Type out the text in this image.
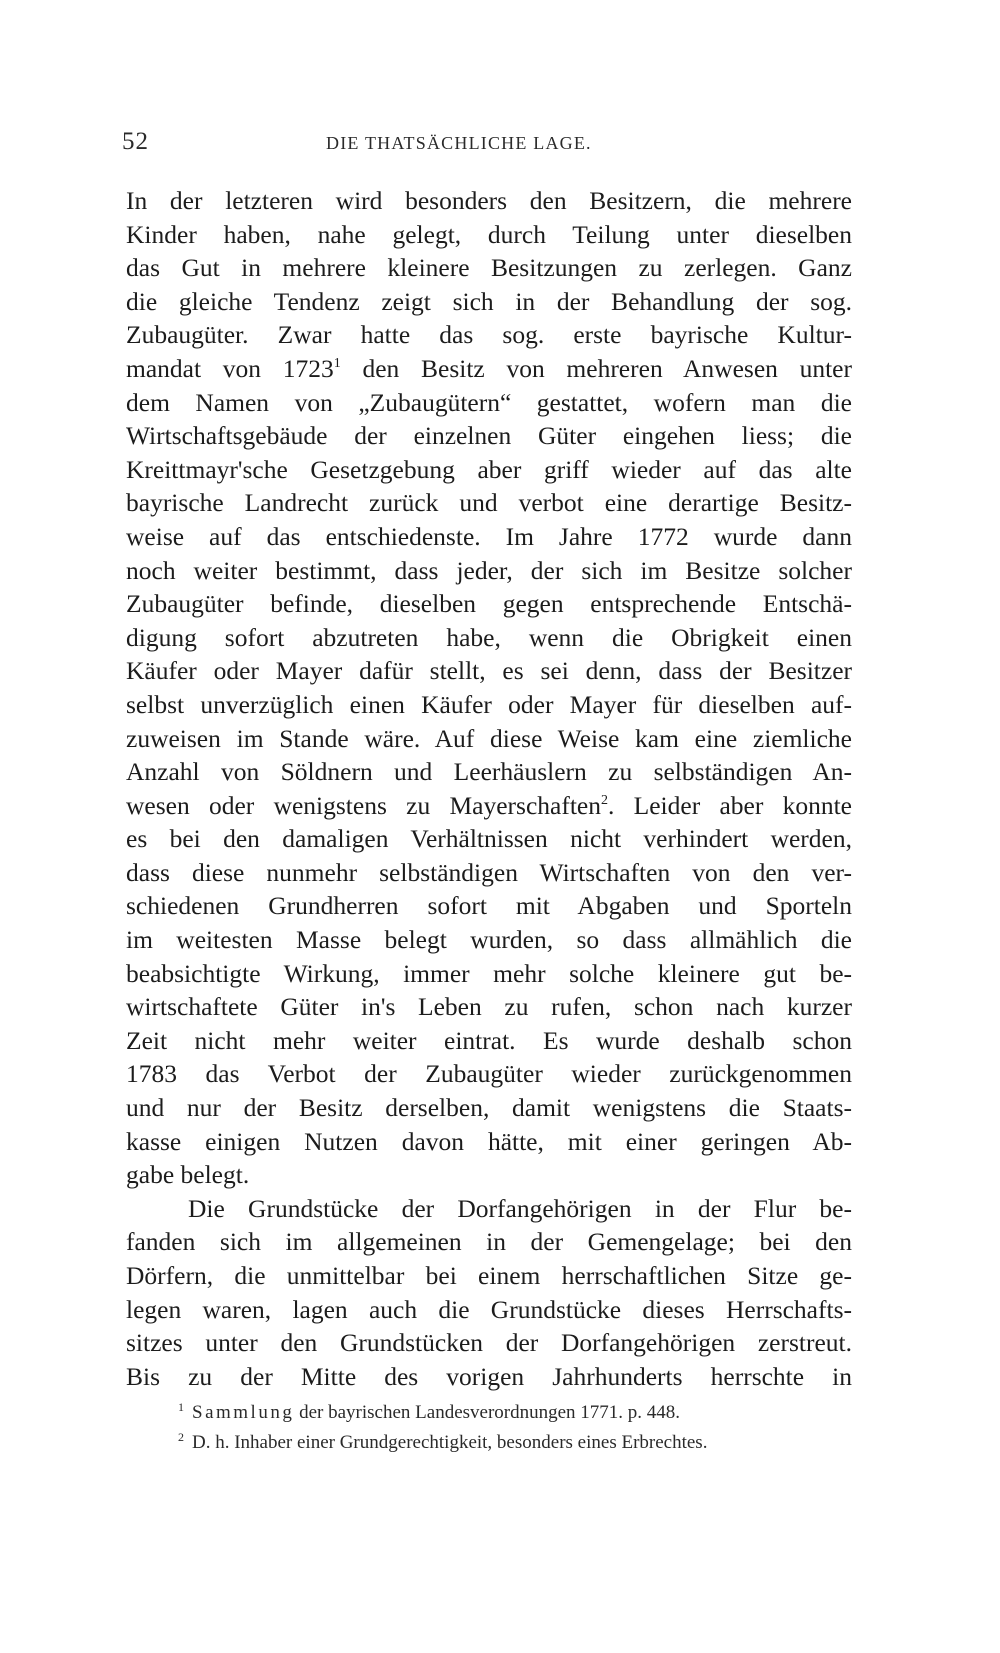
52	DIE THATSÄCHLICHE LAGE.
In der letzteren wird besonders den Besitzern, die mehrere
Kinder haben, nahe gelegt, durch Teilung unter dieselben
das Gut in mehrere kleinere Besitzungen zu zerlegen. Ganz
die gleiche Tendenz zeigt sich in der Behandlung der sog.
Zubaugüter. Zwar hatte das sog. erste bayrische Kultur-
mandat von 1723$^1$ den Besitz von mehreren Anwesen unter
dem Namen von „Zubaugütern“ gestattet, wofern man die
Wirtschaftsgebäude der einzelnen Güter eingehen liess; die
Kreittmayr'sche Gesetzgebung aber griff wieder auf das alte
bayrische Landrecht zurück und verbot eine derartige Besitz-
weise auf das entschiedenste. Im Jahre 1772 wurde dann
noch weiter bestimmt, dass jeder, der sich im Besitze solcher
Zubaugüter befinde, dieselben gegen entsprechende Entschä-
digung sofort abzutreten habe, wenn die Obrigkeit einen
Käufer oder Mayer dafür stellt, es sei denn, dass der Besitzer
selbst unverzüglich einen Käufer oder Mayer für dieselben auf-
zuweisen im Stande wäre. Auf diese Weise kam eine ziemliche
Anzahl von Söldnern und Leerhäuslern zu selbständigen An-
wesen oder wenigstens zu Mayerschaften$^2$. Leider aber konnte
es bei den damaligen Verhältnissen nicht verhindert werden,
dass diese nunmehr selbständigen Wirtschaften von den ver-
schiedenen Grundherren sofort mit Abgaben und Sporteln
im weitesten Masse belegt wurden, so dass allmählich die
beabsichtigte Wirkung, immer mehr solche kleinere gut be-
wirtschaftete Güter in's Leben zu rufen, schon nach kurzer
Zeit nicht mehr weiter eintrat. Es wurde deshalb schon
1783 das Verbot der Zubaugüter wieder zurückgenommen
und nur der Besitz derselben, damit wenigstens die Staats-
kasse einigen Nutzen davon hätte, mit einer geringen Ab-
gabe belegt.
Die Grundstücke der Dorfangehörigen in der Flur be-
fanden sich im allgemeinen in der Gemengelage; bei den
Dörfern, die unmittelbar bei einem herrschaftlichen Sitze ge-
legen waren, lagen auch die Grundstücke dieses Herrschafts-
sitzes unter den Grundstücken der Dorfangehörigen zerstreut.
Bis zu der Mitte des vorigen Jahrhunderts herrschte in
$^1$ Sammlung der bayrischen Landesverordnungen 1771. p. 448.
$^2$ D. h. Inhaber einer Grundgerechtigkeit, besonders eines Erbrechtes.
